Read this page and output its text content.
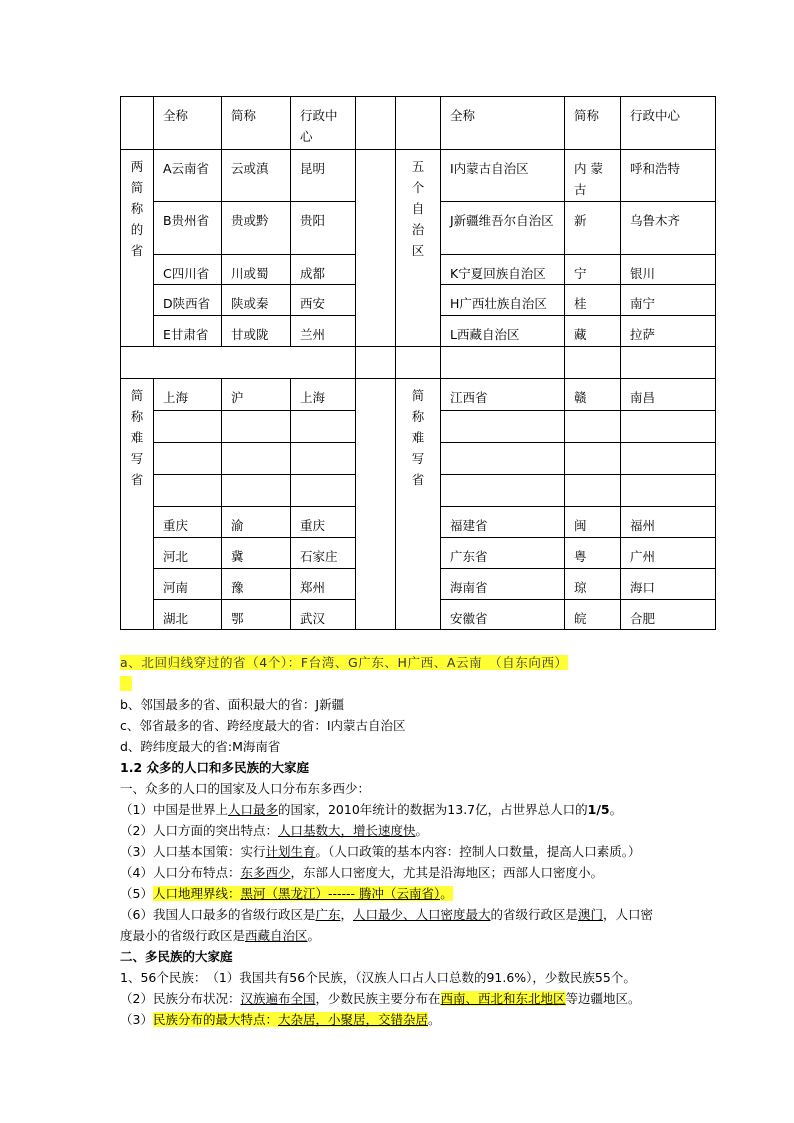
	全称	简称	行政中心			全称	简称	行政中心

两简称的省	A云南省	云或滇	昆明		五个自治区	I内蒙古自治区	内 蒙古	呼和浩特
	B贵州省	贵或黔	贵阳			J新疆维吾尔自治区	新	乌鲁木齐
	C四川省	川或蜀	成都			K宁夏回族自治区	宁	银川
	D陕西省	陕或秦	西安			H广西壮族自治区	桂	南宁
	E甘肃省	甘或陇	兰州			L西藏自治区	藏	拉萨

简称难写省	上海	沪	上海		简称难写省	江西省	赣	南昌

	重庆	渝	重庆			福建省	闽	福州
	河北	冀	石家庄			广东省	粤	广州
	河南	豫	郑州			海南省	琼	海口
	湖北	鄂	武汉			安徽省	皖	合肥
a、北回归线穿过的省（4个）：F台湾、G广东、H广西、A云南　（自东向西）

b、邻国最多的省、面积最大的省：J新疆
c、邻省最多的省、跨经度最大的省：I内蒙古自治区
d、跨纬度最大的省:M海南省
1.2 众多的人口和多民族的大家庭
一、众多的人口的国家及人口分布东多西少：
（1）中国是世界上人口最多的国家，2010年统计的数据为13.7亿，占世界总人口的1/5。
（2）人口方面的突出特点：人口基数大，增长速度快。
（3）人口基本国策：实行计划生育。（人口政策的基本内容：控制人口数量，提高人口素质。）
（4）人口分布特点：东多西少，东部人口密度大，尤其是沿海地区；西部人口密度小。
（5）人口地理界线：黑河（黑龙江）------ 腾冲（云南省）。
（6）我国人口最多的省级行政区是广东，人口最少、人口密度最大的省级行政区是澳门，人口密
度最小的省级行政区是西藏自治区。
二、多民族的大家庭
1、56个民族：　（1）我国共有56个民族，（汉族人口占人口总数的91.6%），少数民族55个。
（2）民族分布状况：汉族遍布全国，少数民族主要分布在西南、西北和东北地区等边疆地区。
（3）民族分布的最大特点：大杂居，小聚居，交错杂居。
